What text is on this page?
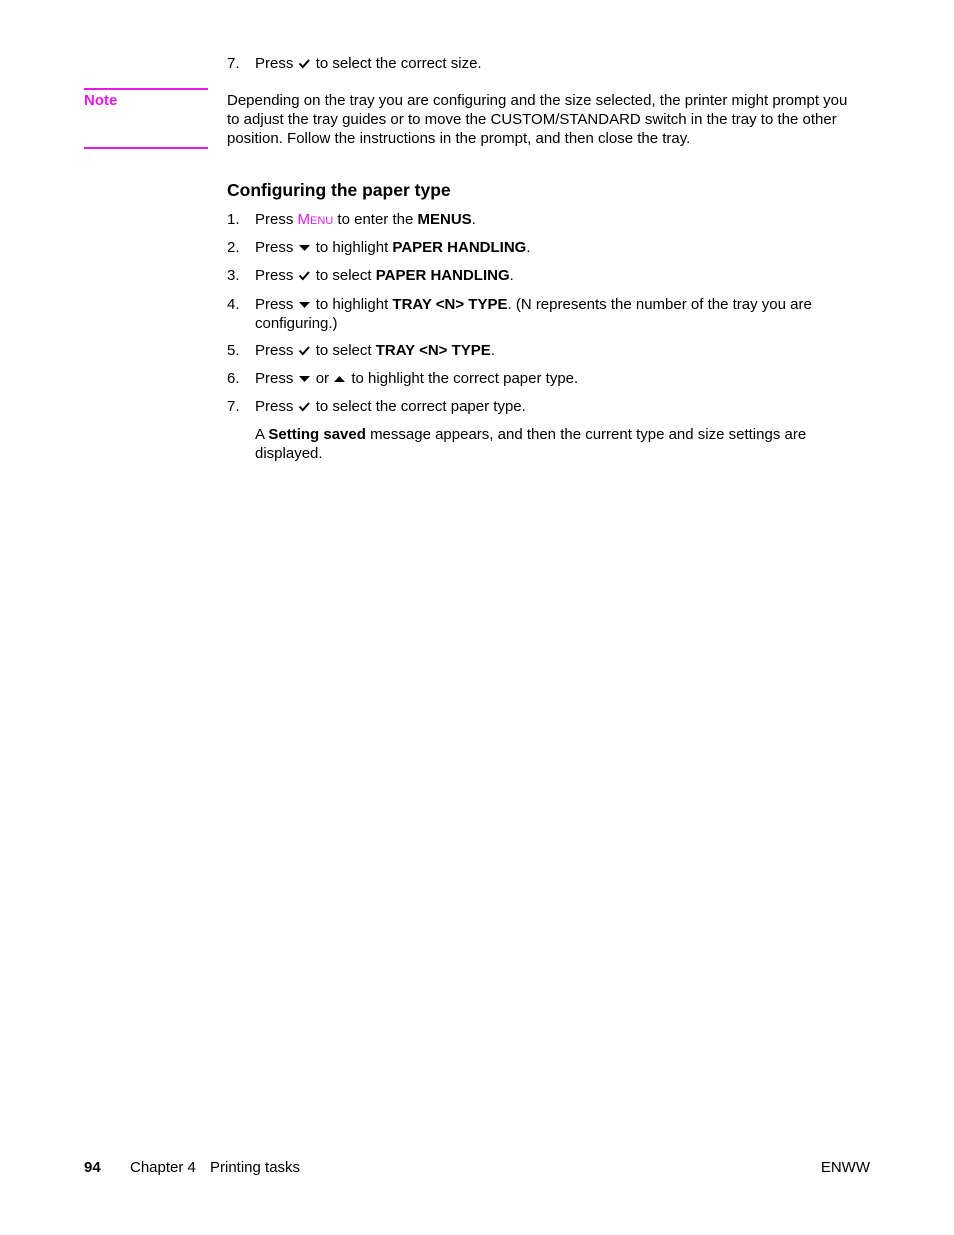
7. Press to select the correct size.
Note	Depending on the tray you are configuring and the size selected, the printer might prompt you to adjust the tray guides or to move the CUSTOM/STANDARD switch in the tray to the other position. Follow the instructions in the prompt, and then close the tray.
Configuring the paper type
1. Press Menu to enter the MENUS.
2. Press to highlight PAPER HANDLING.
3. Press to select PAPER HANDLING.
4. Press to highlight TRAY <N> TYPE. (N represents the number of the tray you are configuring.)
5. Press to select TRAY <N> TYPE.
6. Press or to highlight the correct paper type.
7. Press to select the correct paper type.
A Setting saved message appears, and then the current type and size settings are displayed.
94 Chapter 4 Printing tasks	ENWW
